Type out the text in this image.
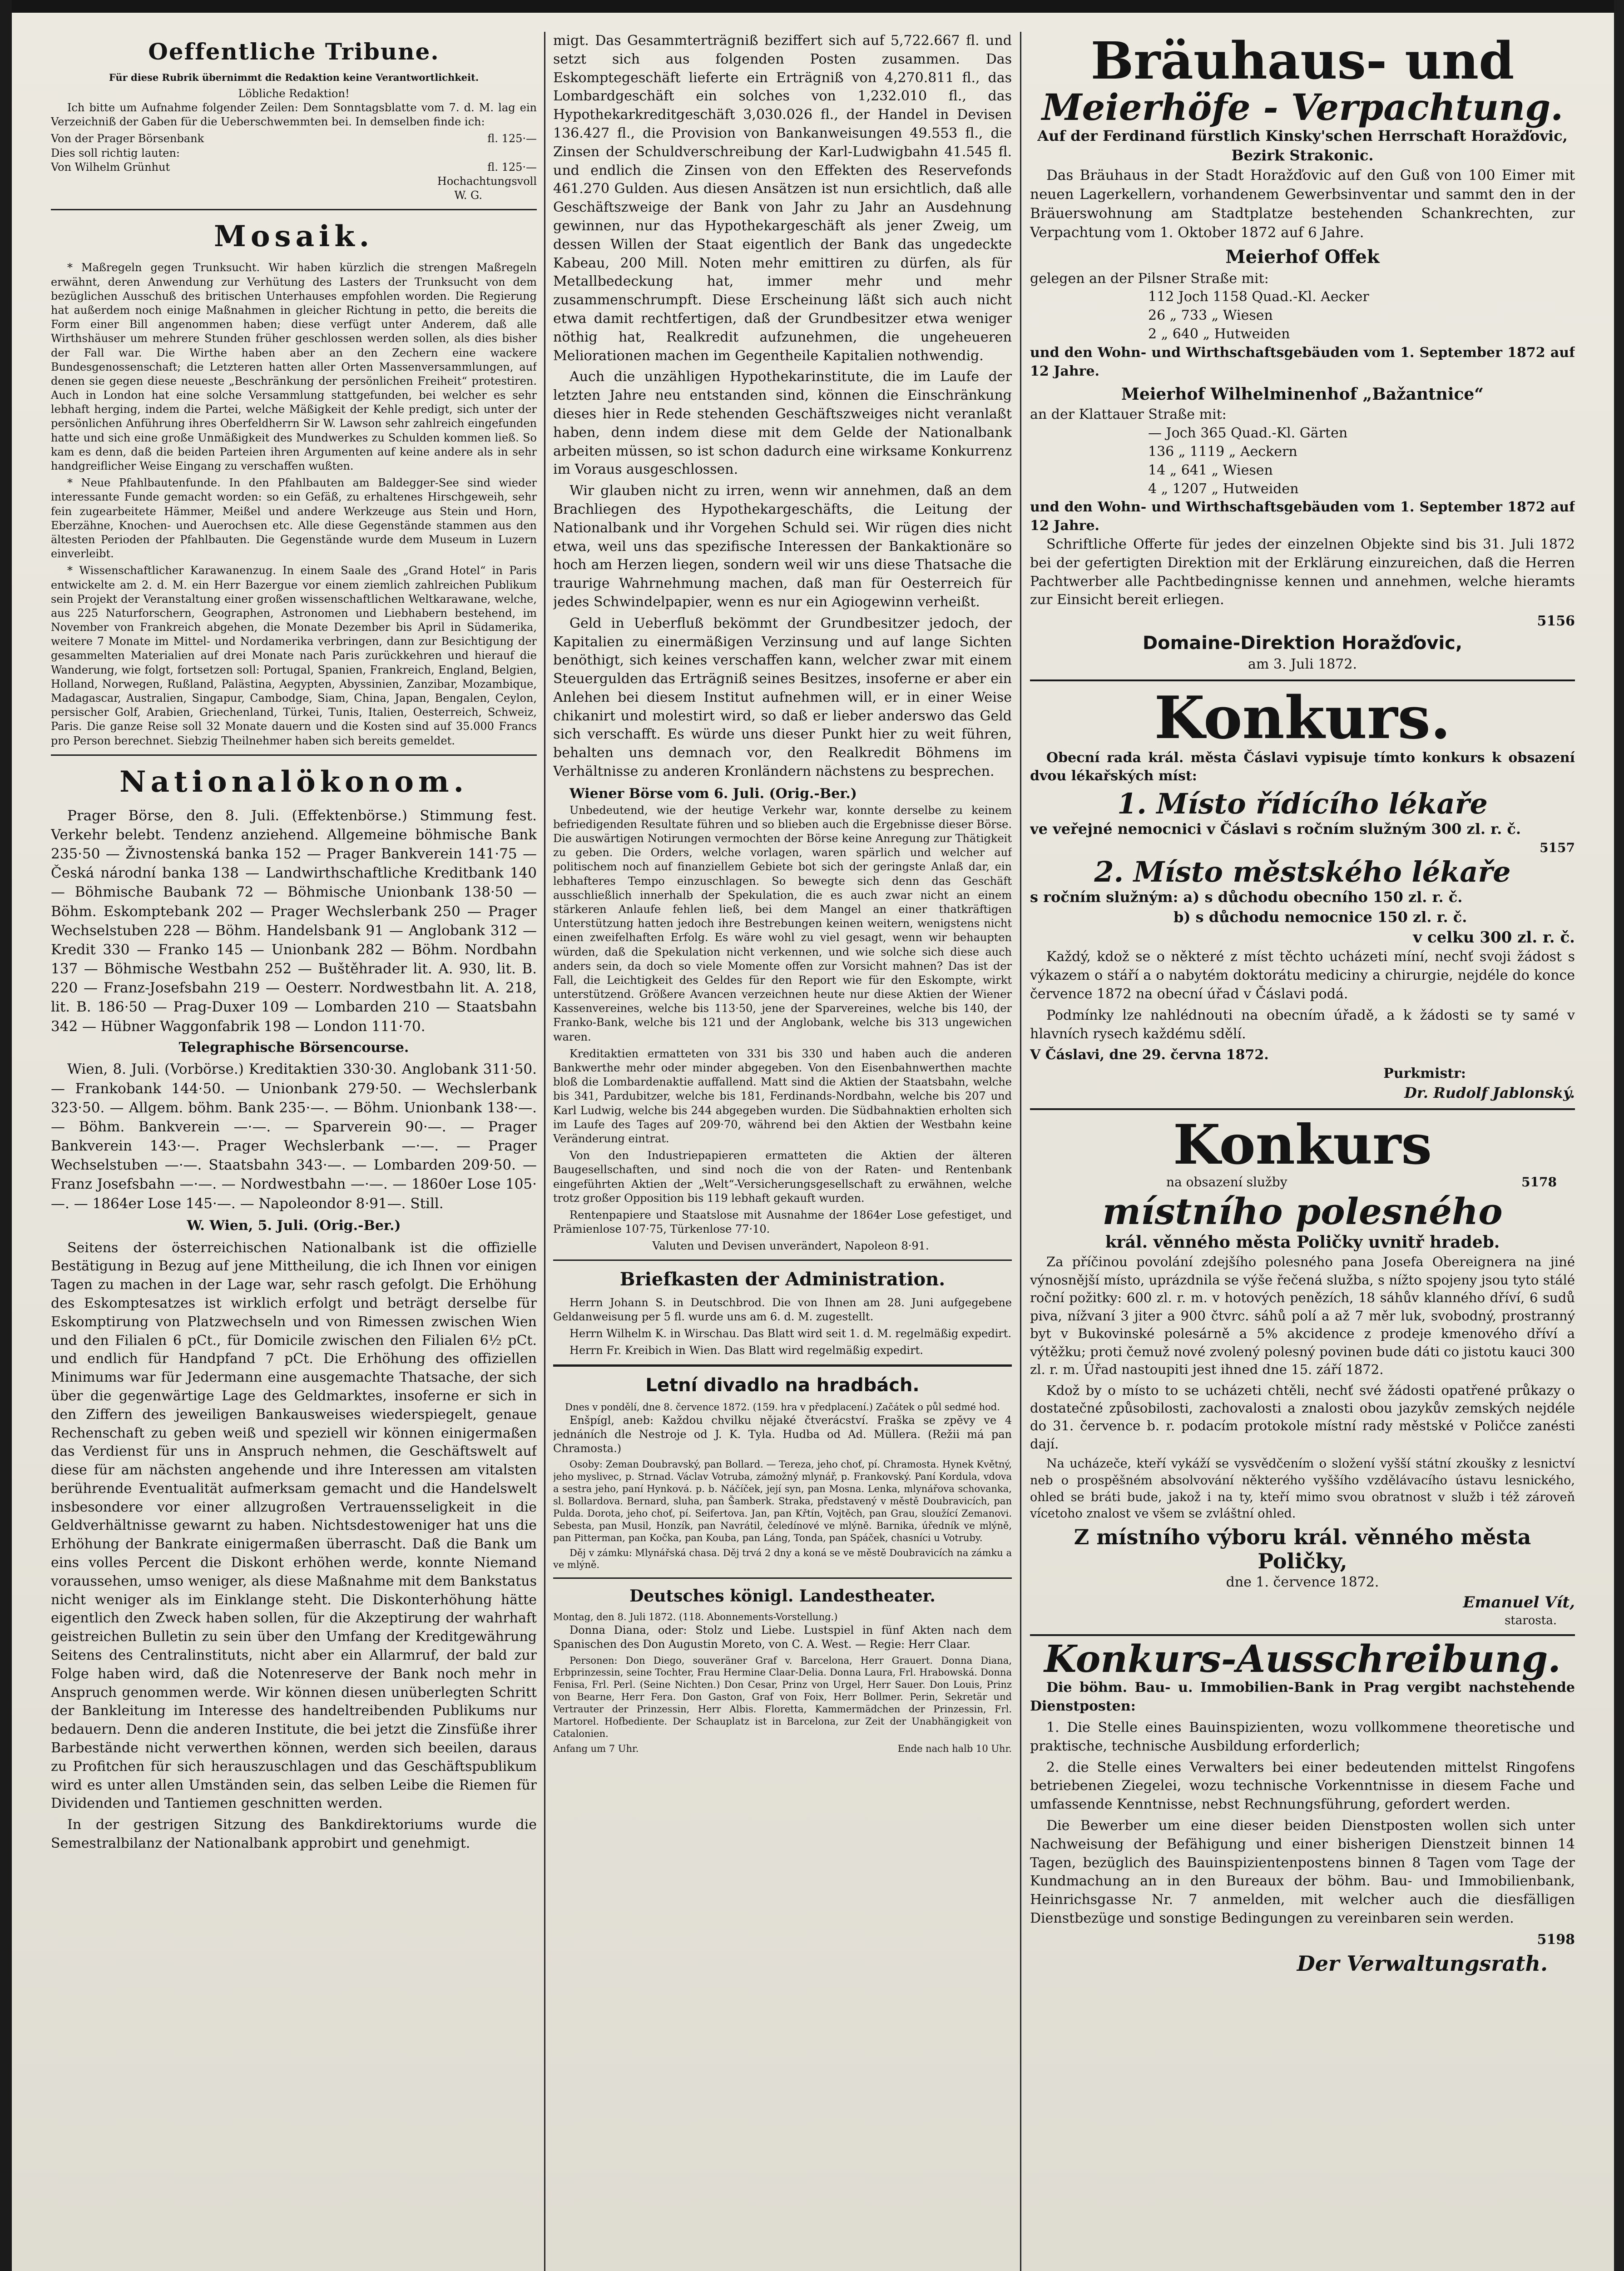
Oeffentliche Tribune.
Für diese Rubrik übernimmt die Redaktion keine Verantwortlichkeit.
Löbliche Redaktion!

Ich bitte um Aufnahme folgender Zeilen: Dem Sonntagsblatte vom 7. d. M. lag ein Verzeichniß der Gaben für die Ueberschwemmten bei. In demselben finde ich:

Von der Prager Börsenbank	fl. 125·—
Dies soll richtig lauten:
Von Wilhelm Grünhut	fl. 125·—
Hochachtungsvoll
W. G.
Mosaik.

* Maßregeln gegen Trunksucht. Wir haben kürzlich die strengen Maßregeln erwähnt, deren Anwendung zur Verhütung des Lasters der Trunksucht von dem bezüglichen Ausschuß des britischen Unterhauses empfohlen worden. Die Regierung hat außerdem noch einige Maßnahmen in gleicher Richtung in petto, die bereits die Form einer Bill angenommen haben; diese verfügt unter Anderem, daß alle Wirthshäuser um mehrere Stunden früher geschlossen werden sollen, als dies bisher der Fall war. Die Wirthe haben aber an den Zechern eine wackere Bundesgenossenschaft; die Letzteren hatten aller Orten Massenversammlungen, auf denen sie gegen diese neueste „Beschränkung der persönlichen Freiheit“ protestiren. Auch in London hat eine solche Versammlung stattgefunden, bei welcher es sehr lebhaft herging, indem die Partei, welche Mäßigkeit der Kehle predigt, sich unter der persönlichen Anführung ihres Oberfeldherrn Sir W. Lawson sehr zahlreich eingefunden hatte und sich eine große Unmäßigkeit des Mundwerkes zu Schulden kommen ließ. So kam es denn, daß die beiden Parteien ihren Argumenten auf keine andere als in sehr handgreiflicher Weise Eingang zu verschaffen wußten.

* Neue Pfahlbautenfunde. In den Pfahlbauten am Baldegger-See sind wieder interessante Funde gemacht worden: so ein Gefäß, zu erhaltenes Hirschgeweih, sehr fein zugearbeitete Hämmer, Meißel und andere Werkzeuge aus Stein und Horn, Eberzähne, Knochen- und Auerochsen etc. Alle diese Gegenstände stammen aus den ältesten Perioden der Pfahlbauten. Die Gegenstände wurde dem Museum in Luzern einverleibt.

* Wissenschaftlicher Karawanenzug. In einem Saale des „Grand Hotel“ in Paris entwickelte am 2. d. M. ein Herr Bazergue vor einem ziemlich zahlreichen Publikum sein Projekt der Veranstaltung einer großen wissenschaftlichen Weltkarawane, welche, aus 225 Naturforschern, Geographen, Astronomen und Liebhabern bestehend, im November von Frankreich abgehen, die Monate Dezember bis April in Südamerika, weitere 7 Monate im Mittel- und Nordamerika verbringen, dann zur Besichtigung der gesammelten Materialien auf drei Monate nach Paris zurückkehren und hierauf die Wanderung, wie folgt, fortsetzen soll: Portugal, Spanien, Frankreich, England, Belgien, Holland, Norwegen, Rußland, Palästina, Aegypten, Abyssinien, Zanzibar, Mozambique, Madagascar, Australien, Singapur, Cambodge, Siam, China, Japan, Bengalen, Ceylon, persischer Golf, Arabien, Griechenland, Türkei, Tunis, Italien, Oesterreich, Schweiz, Paris. Die ganze Reise soll 32 Monate dauern und die Kosten sind auf 35.000 Francs pro Person berechnet. Siebzig Theilnehmer haben sich bereits gemeldet.

Nationalökonom.

Prager Börse, den 8. Juli. (Effektenbörse.) Stimmung fest. Verkehr belebt. Tendenz anziehend. Allgemeine böhmische Bank 235·50 — Živnostenská banka 152 — Prager Bankverein 141·75 — Česká národní banka 138 — Landwirthschaftliche Kreditbank 140 — Böhmische Baubank 72 — Böhmische Unionbank 138·50 — Böhm. Eskomptebank 202 — Prager Wechslerbank 250 — Prager Wechselstuben 228 — Böhm. Handelsbank 91 — Anglobank 312 — Kredit 330 — Franko 145 — Unionbank 282 — Böhm. Nordbahn 137 — Böhmische Westbahn 252 — Buštěhrader lit. A. 930, lit. B. 220 — Franz-Josefsbahn 219 — Oesterr. Nordwestbahn lit. A. 218, lit. B. 186·50 — Prag-Duxer 109 — Lombarden 210 — Staatsbahn 342 — Hübner Waggonfabrik 198 — London 111·70.

Telegraphische Börsencourse.

Wien, 8. Juli. (Vorbörse.) Kreditaktien 330·30. Anglobank 311·50. — Frankobank 144·50. — Unionbank 279·50. — Wechslerbank 323·50. — Allgem. böhm. Bank 235·—. — Böhm. Unionbank 138·—. — Böhm. Bankverein —·—. — Sparverein 90·—. — Prager Bankverein 143·—. Prager Wechslerbank —·—. — Prager Wechselstuben —·—. Staatsbahn 343·—. — Lombarden 209·50. — Franz Josefsbahn —·—. — Nordwestbahn —·—. — 1860er Lose 105·—. — 1864er Lose 145·—. — Napoleondor 8·91—. Still.

W. Wien, 5. Juli. (Orig.-Ber.)

Seitens der österreichischen Nationalbank ist die offizielle Bestätigung in Bezug auf jene Mittheilung, die ich Ihnen vor einigen Tagen zu machen in der Lage war, sehr rasch gefolgt. Die Erhöhung des Eskomptesatzes ist wirklich erfolgt und beträgt derselbe für Eskomptirung von Platzwechseln und von Rimessen zwischen Wien und den Filialen 6 pCt., für Domicile zwischen den Filialen 6½ pCt. und endlich für Handpfand 7 pCt. Die Erhöhung des offiziellen Minimums war für Jedermann eine ausgemachte Thatsache, der sich über die gegenwärtige Lage des Geldmarktes, insoferne er sich in den Ziffern des jeweiligen Bankausweises wiederspiegelt, genaue Rechenschaft zu geben weiß und speziell wir können einigermaßen das Verdienst für uns in Anspruch nehmen, die Geschäftswelt auf diese für am nächsten angehende und ihre Interessen am vitalsten berührende Eventualität aufmerksam gemacht und die Handelswelt insbesondere vor einer allzugroßen Vertrauensseligkeit in die Geldverhältnisse gewarnt zu haben. Nichtsdestoweniger hat uns die Erhöhung der Bankrate einigermaßen überrascht. Daß die Bank um eins volles Percent die Diskont erhöhen werde, konnte Niemand voraussehen, umso weniger, als diese Maßnahme mit dem Bankstatus nicht weniger als im Einklange steht. Die Diskonterhöhung hätte eigentlich den Zweck haben sollen, für die Akzeptirung der wahrhaft geistreichen Bulletin zu sein über den Umfang der Kreditgewährung Seitens des Centralinstituts, nicht aber ein Allarmruf, der bald zur Folge haben wird, daß die Notenreserve der Bank noch mehr in Anspruch genommen werde. Wir können diesen unüberlegten Schritt der Bankleitung im Interesse des handeltreibenden Publikums nur bedauern. Denn die anderen Institute, die bei jetzt die Zinsfüße ihrer Barbestände nicht verwerthen können, werden sich beeilen, daraus zu Profitchen für sich herauszuschlagen und das Geschäftspublikum wird es unter allen Umständen sein, das selben Leibe die Riemen für Dividenden und Tantiemen geschnitten werden.

In der gestrigen Sitzung des Bankdirektoriums wurde die Semestralbilanz der Nationalbank approbirt und genehmigt.

migt. Das Gesammterträgniß beziffert sich auf 5,722.667 fl. und setzt sich aus folgenden Posten zusammen. Das Eskomptegeschäft lieferte ein Erträgniß von 4,270.811 fl., das Lombardgeschäft ein solches von 1,232.010 fl., das Hypothekarkreditgeschäft 3,030.026 fl., der Handel in Devisen 136.427 fl., die Provision von Bankanweisungen 49.553 fl., die Zinsen der Schuldverschreibung der Karl-Ludwigbahn 41.545 fl. und endlich die Zinsen von den Effekten des Reservefonds 461.270 Gulden. Aus diesen Ansätzen ist nun ersichtlich, daß alle Geschäftszweige der Bank von Jahr zu Jahr an Ausdehnung gewinnen, nur das Hypothekargeschäft als jener Zweig, um dessen Willen der Staat eigentlich der Bank das ungedeckte Kabeau, 200 Mill. Noten mehr emittiren zu dürfen, als für Metallbedeckung hat, immer mehr und mehr zusammenschrumpft. Diese Erscheinung läßt sich auch nicht etwa damit rechtfertigen, daß der Grundbesitzer etwa weniger nöthig hat, Realkredit aufzunehmen, die ungeheueren Meliorationen machen im Gegentheile Kapitalien nothwendig.

Auch die unzähligen Hypothekarinstitute, die im Laufe der letzten Jahre neu entstanden sind, können die Einschränkung dieses hier in Rede stehenden Geschäftszweiges nicht veranlaßt haben, denn indem diese mit dem Gelde der Nationalbank arbeiten müssen, so ist schon dadurch eine wirksame Konkurrenz im Voraus ausgeschlossen.

Wir glauben nicht zu irren, wenn wir annehmen, daß an dem Brachliegen des Hypothekargeschäfts, die Leitung der Nationalbank und ihr Vorgehen Schuld sei. Wir rügen dies nicht etwa, weil uns das spezifische Interessen der Bankaktionäre so hoch am Herzen liegen, sondern weil wir uns diese Thatsache die traurige Wahrnehmung machen, daß man für Oesterreich für jedes Schwindelpapier, wenn es nur ein Agiogewinn verheißt.

Geld in Ueberfluß bekömmt der Grundbesitzer jedoch, der Kapitalien zu einermäßigen Verzinsung und auf lange Sichten benöthigt, sich keines verschaffen kann, welcher zwar mit einem Steuergulden das Erträgniß seines Besitzes, insoferne er aber ein Anlehen bei diesem Institut aufnehmen will, er in einer Weise chikanirt und molestirt wird, so daß er lieber anderswo das Geld sich verschafft. Es würde uns dieser Punkt hier zu weit führen, behalten uns demnach vor, den Realkredit Böhmens im Verhältnisse zu anderen Kronländern nächstens zu besprechen.

Wiener Börse vom 6. Juli. (Orig.-Ber.)

Unbedeutend, wie der heutige Verkehr war, konnte derselbe zu keinem befriedigenden Resultate führen und so blieben auch die Ergebnisse dieser Börse. Die auswärtigen Notirungen vermochten der Börse keine Anregung zur Thätigkeit zu geben. Die Orders, welche vorlagen, waren spärlich und welcher auf politischem noch auf finanziellem Gebiete bot sich der geringste Anlaß dar, ein lebhafteres Tempo einzuschlagen. So bewegte sich denn das Geschäft ausschließlich innerhalb der Spekulation, die es auch zwar nicht an einem stärkeren Anlaufe fehlen ließ, bei dem Mangel an einer thatkräftigen Unterstützung hatten jedoch ihre Bestrebungen keinen weitern, wenigstens nicht einen zweifelhaften Erfolg. Es wäre wohl zu viel gesagt, wenn wir behaupten würden, daß die Spekulation nicht verkennen, und wie solche sich diese auch anders sein, da doch so viele Momente offen zur Vorsicht mahnen? Das ist der Fall, die Leichtigkeit des Geldes für den Report wie für den Eskompte, wirkt unterstützend. Größere Avancen verzeichnen heute nur diese Aktien der Wiener Kassenvereines, welche bis 113·50, jene der Sparvereines, welche bis 140, der Franko-Bank, welche bis 121 und der Anglobank, welche bis 313 ungewichen waren.

Kreditaktien ermatteten von 331 bis 330 und haben auch die anderen Bankwerthe mehr oder minder abgegeben. Von den Eisenbahnwerthen machte bloß die Lombardenaktie auffallend. Matt sind die Aktien der Staatsbahn, welche bis 341, Pardubitzer, welche bis 181, Ferdinands-Nordbahn, welche bis 207 und Karl Ludwig, welche bis 244 abgegeben wurden. Die Südbahnaktien erholten sich im Laufe des Tages auf 209·70, während bei den Aktien der Westbahn keine Veränderung eintrat.

Von den Industriepapieren ermatteten die Aktien der älteren Baugesellschaften, und sind noch die von der Raten- und Rentenbank eingeführten Aktien der „Welt“-Versicherungsgesellschaft zu erwähnen, welche trotz großer Opposition bis 119 lebhaft gekauft wurden.

Rentenpapiere und Staatslose mit Ausnahme der 1864er Lose gefestiget, und Prämienlose 107·75, Türkenlose 77·10.

Valuten und Devisen unverändert, Napoleon 8·91.

Briefkasten der Administration.

Herrn Johann S. in Deutschbrod. Die von Ihnen am 28. Juni aufgegebene Geldanweisung per 5 fl. wurde uns am 6. d. M. zugestellt.

Herrn Wilhelm K. in Wirschau. Das Blatt wird seit 1. d. M. regelmäßig expedirt.

Herrn Fr. Kreibich in Wien. Das Blatt wird regelmäßig expedirt.

Letní divadlo na hradbách.
Dnes v pondělí, dne 8. července 1872. (159. hra v předplacení.) Začátek o půl sedmé hod.

Enšpígl, aneb: Každou chvilku nějaké čtverácství. Fraška se zpěvy ve 4 jednáních dle Nestroje od J. K. Tyla. Hudba od Ad. Müllera. (Režii má pan Chramosta.)

Osoby: Zeman Doubravský, pan Bollard. — Tereza, jeho choť, pí. Chramosta. Hynek Květný, jeho myslivec, p. Strnad. Václav Votruba, zámožný mlynář, p. Frankovský. Paní Kordula, vdova a sestra jeho, paní Hynková. p. b. Náčíček, její syn, pan Mosna. Lenka, mlynářova schovanka, sl. Bollardova. Bernard, sluha, pan Šamberk. Straka, představený v městě Doubravicích, pan Pulda. Dorota, jeho choť, pí. Seifertova. Jan, pan Křtín, Vojtěch, pan Grau, sloužící Zemanovi. Sebesta, pan Musil, Honzík, pan Navrátil, čeledínové ve mlýně. Barnika, úředník ve mlýně, pan Pitterman, pan Kočka, pan Kouba, pan Láng, Tonda, pan Spáček, chasníci u Votruby.

Děj v zámku: Mlynářská chasa. Děj trvá 2 dny a koná se ve městě Doubravicích na zámku a ve mlýně.

Deutsches königl. Landestheater.
Montag, den 8. Juli 1872. (118. Abonnements-Vorstellung.)

Donna Diana, oder: Stolz und Liebe. Lustspiel in fünf Akten nach dem Spanischen des Don Augustin Moreto, von C. A. West. — Regie: Herr Claar.

Personen: Don Diego, souveräner Graf v. Barcelona, Herr Grauert. Donna Diana, Erbprinzessin, seine Tochter, Frau Hermine Claar-Delia. Donna Laura, Frl. Hrabowská. Donna Fenisa, Frl. Perl. (Seine Nichten.) Don Cesar, Prinz von Urgel, Herr Sauer. Don Louis, Prinz von Bearne, Herr Fera. Don Gaston, Graf von Foix, Herr Bollmer. Perin, Sekretär und Vertrauter der Prinzessin, Herr Albis. Floretta, Kammermädchen der Prinzessin, Frl. Martorel. Hofbediente. Der Schauplatz ist in Barcelona, zur Zeit der Unabhängigkeit von Catalonien.

Anfang um 7 Uhr.	Ende nach halb 10 Uhr.
Bräuhaus- und
Meierhöfe - Verpachtung.
Auf der Ferdinand fürstlich Kinsky'schen Herrschaft Horažďovic, Bezirk Strakonic.

Das Bräuhaus in der Stadt Horažďovic auf den Guß von 100 Eimer mit neuen Lagerkellern, vorhandenem Gewerbsinventar und sammt den in der Bräuerswohnung am Stadtplatze bestehenden Schankrechten, zur Verpachtung vom 1. Oktober 1872 auf 6 Jahre.

Meierhof Offek
gelegen an der Pilsner Straße mit:
112 Joch 1158 Quad.-Kl. Aecker
26 „ 733 „ Wiesen
2 „ 640 „ Hutweiden
und den Wohn- und Wirthschaftsgebäuden vom 1. September 1872 auf 12 Jahre.
Meierhof Wilhelminenhof „Bažantnice“
an der Klattauer Straße mit:
— Joch 365 Quad.-Kl. Gärten
136 „ 1119 „ Aeckern
14 „ 641 „ Wiesen
4 „ 1207 „ Hutweiden
und den Wohn- und Wirthschaftsgebäuden vom 1. September 1872 auf 12 Jahre.

Schriftliche Offerte für jedes der einzelnen Objekte sind bis 31. Juli 1872 bei der gefertigten Direktion mit der Erklärung einzureichen, daß die Herren Pachtwerber alle Pachtbedingnisse kennen und annehmen, welche hieramts zur Einsicht bereit erliegen.

5156
Domaine-Direktion Horažďovic,
am 3. Juli 1872.
Konkurs.

Obecní rada král. města Čáslavi vypisuje tímto konkurs k obsazení dvou lékařských míst:

1. Místo řídícího lékaře
ve veřejné nemocnici v Čáslavi s ročním služným 300 zl. r. č.
5157
2. Místo městského lékaře
s ročním služným: a) s důchodu obecního 150 zl. r. č.
b) s důchodu nemocnice 150 zl. r. č.
v celku 300 zl. r. č.

Každý, kdož se o některé z míst těchto ucházeti míní, nechť svoji žádost s výkazem o stáří a o nabytém doktorátu mediciny a chirurgie, nejdéle do konce července 1872 na obecní úřad v Čáslavi podá.

Podmínky lze nahlédnouti na obecním úřadě, a k žádosti se ty samé v hlavních rysech každému sdělí.

V Čáslavi, dne 29. června 1872.
Purkmistr:
Dr. Rudolf Jablonský.
Konkurs
na obsazení služby	5178
místního polesného
král. věnného města Poličky uvnitř hradeb.

Za příčinou povolání zdejšího polesného pana Josefa Obereignera na jiné výnosnější místo, uprázdnila se výše řečená služba, s nížto spojeny jsou tyto stálé roční požitky: 600 zl. r. m. v hotových penězích, 18 sáhův klanného dříví, 6 sudů piva, nížvaní 3 jiter a 900 čtvrc. sáhů polí a až 7 měr luk, svobodný, prostranný byt v Bukovinské polesárně a 5% akcidence z prodeje kmenového dříví a výtěžku; proti čemuž nové zvolený polesný povinen bude dáti co jistotu kauci 300 zl. r. m. Úřad nastoupiti jest ihned dne 15. září 1872.

Kdož by o místo to se ucházeti chtěli, nechť své žádosti opatřené průkazy o dostatečné způsobilosti, zachovalosti a znalosti obou jazykův zemských nejdéle do 31. července b. r. podacím protokole místní rady městské v Poličce zanésti dají.

Na ucházeče, kteří vykáží se vysvědčením o složení vyšší státní zkoušky z lesnictví neb o prospěšném absolvování některého vyššího vzdělávacího ústavu lesnického, ohled se bráti bude, jakož i na ty, kteří mimo svou obratnost v služb i též zároveň vícetoho znalost ve všem se zvláštní ohled.

Z místního výboru král. věnného města Poličky,
dne 1. července 1872.
Emanuel Vít,
starosta.
Konkurs-Ausschreibung.

Die böhm. Bau- u. Immobilien-Bank in Prag vergibt nachstehende Dienstposten:

1. Die Stelle eines Bauinspizienten, wozu vollkommene theoretische und praktische, technische Ausbildung erforderlich;

2. die Stelle eines Verwalters bei einer bedeutenden mittelst Ringofens betriebenen Ziegelei, wozu technische Vorkenntnisse in diesem Fache und umfassende Kenntnisse, nebst Rechnungsführung, gefordert werden.

Die Bewerber um eine dieser beiden Dienstposten wollen sich unter Nachweisung der Befähigung und einer bisherigen Dienstzeit binnen 14 Tagen, bezüglich des Bauinspizientenpostens binnen 8 Tagen vom Tage der Kundmachung an in den Bureaux der böhm. Bau- und Immobilienbank, Heinrichsgasse Nr. 7 anmelden, mit welcher auch die diesfälligen Dienstbezüge und sonstige Bedingungen zu vereinbaren sein werden.

5198
Der Verwaltungsrath.
